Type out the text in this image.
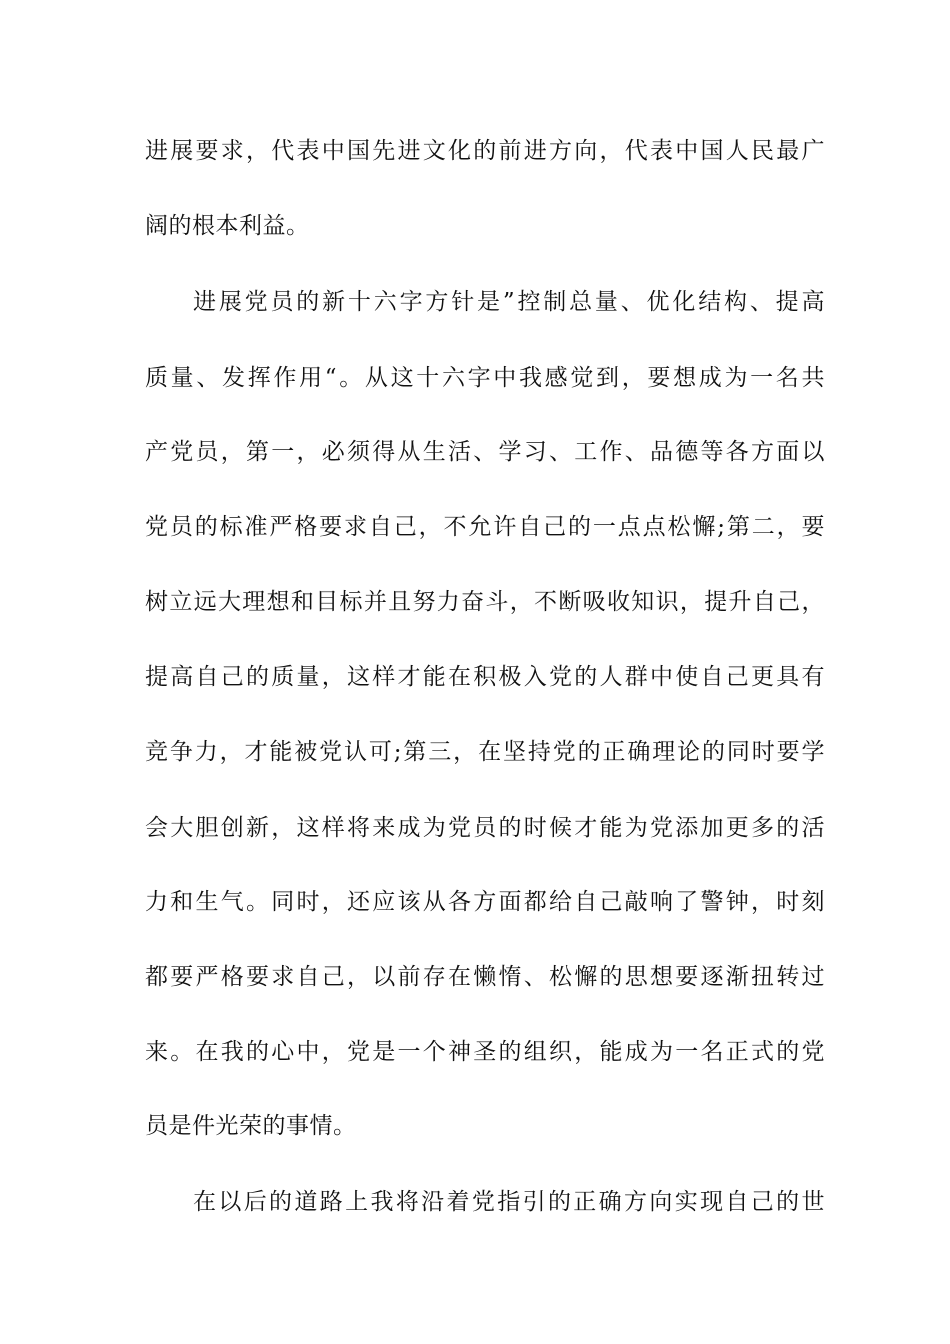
进展要求，代表中国先进文化的前进方向，代表中国人民最广
阔的根本利益。
进展党员的新十六字方针是”控制总量、优化结构、提高
质量、发挥作用“。从这十六字中我感觉到，要想成为一名共
产党员，第一，必须得从生活、学习、工作、品德等各方面以
党员的标准严格要求自己，不允许自己的一点点松懈;第二，要
树立远大理想和目标并且努力奋斗，不断吸收知识，提升自己，
提高自己的质量，这样才能在积极入党的人群中使自己更具有
竞争力，才能被党认可;第三，在坚持党的正确理论的同时要学
会大胆创新，这样将来成为党员的时候才能为党添加更多的活
力和生气。同时，还应该从各方面都给自己敲响了警钟，时刻
都要严格要求自己，以前存在懒惰、松懈的思想要逐渐扭转过
来。在我的心中，党是一个神圣的组织，能成为一名正式的党
员是件光荣的事情。
在以后的道路上我将沿着党指引的正确方向实现自己的世
